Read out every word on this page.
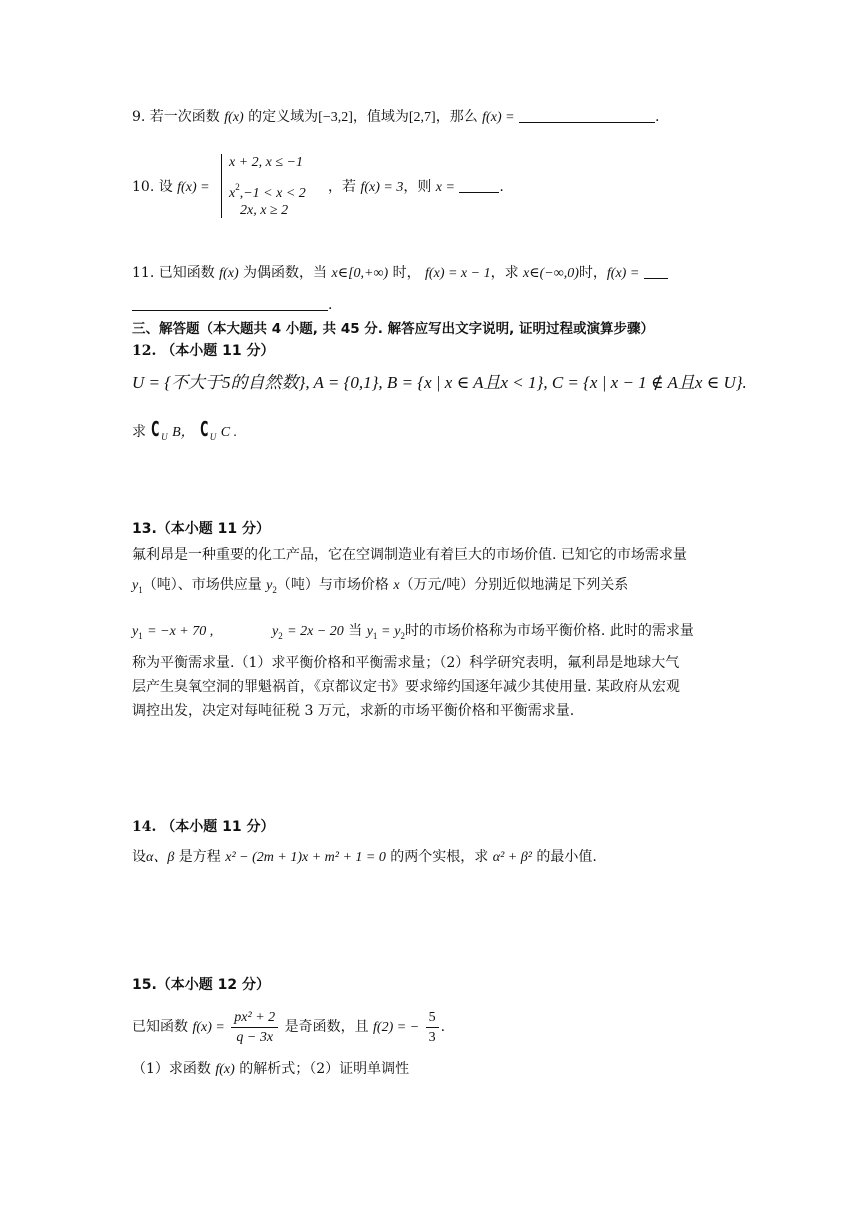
9. 若一次函数 f(x) 的定义域为[−3,2]，值域为[2,7]，那么 f(x) =	.
10. 设 f(x) =
x + 2, x ≤ −1
$x^2,-1 < x < 2$
2x, x ≥ 2
，若 f(x) = 3，则 x =	.
11. 已知函数 f(x) 为偶函数，当 x∈[0,+∞) 时， f(x) = x − 1，求 x∈(−∞,0)时，f(x) =
.
三、解答题（本大题共 4 小题, 共 45 分. 解答应写出文字说明, 证明过程或演算步骤）
12. （本小题 11 分）
U = {不大于5的自然数}, A = {0,1}, B = {x | x ∈ A且x < 1}, C = {x | x − 1 ∉ A且x ∈ U}.
求 $C_U$ B， $C_U$ C .
13.（本小题 11 分）
氟利昂是一种重要的化工产品，它在空调制造业有着巨大的市场价值. 已知它的市场需求量
$y_1$（吨）、市场供应量 $y_2$（吨）与市场价格 x（万元/吨）分别近似地满足下列关系
$y_1 = -x + 70$ ,	$y_2 = 2x - 20$ 当 $y_1 = y_2$时的市场价格称为市场平衡价格. 此时的需求量
称为平衡需求量.（1）求平衡价格和平衡需求量；（2）科学研究表明，氟利昂是地球大气
层产生臭氧空洞的罪魁祸首，《京都议定书》要求缔约国逐年减少其使用量. 某政府从宏观
调控出发，决定对每吨征税 3 万元，求新的市场平衡价格和平衡需求量.
14. （本小题 11 分）
设α、β 是方程 x² − (2m + 1)x + m² + 1 = 0 的两个实根，求 α² + β² 的最小值.
15.（本小题 12 分）
已知函数 $f(x) = \frac{\text{px² + 2}}{q - 3x}$ 是奇函数，且 f(2) = − $\frac{5}{3}$ .
（1）求函数 f(x) 的解析式；（2）证明单调性
